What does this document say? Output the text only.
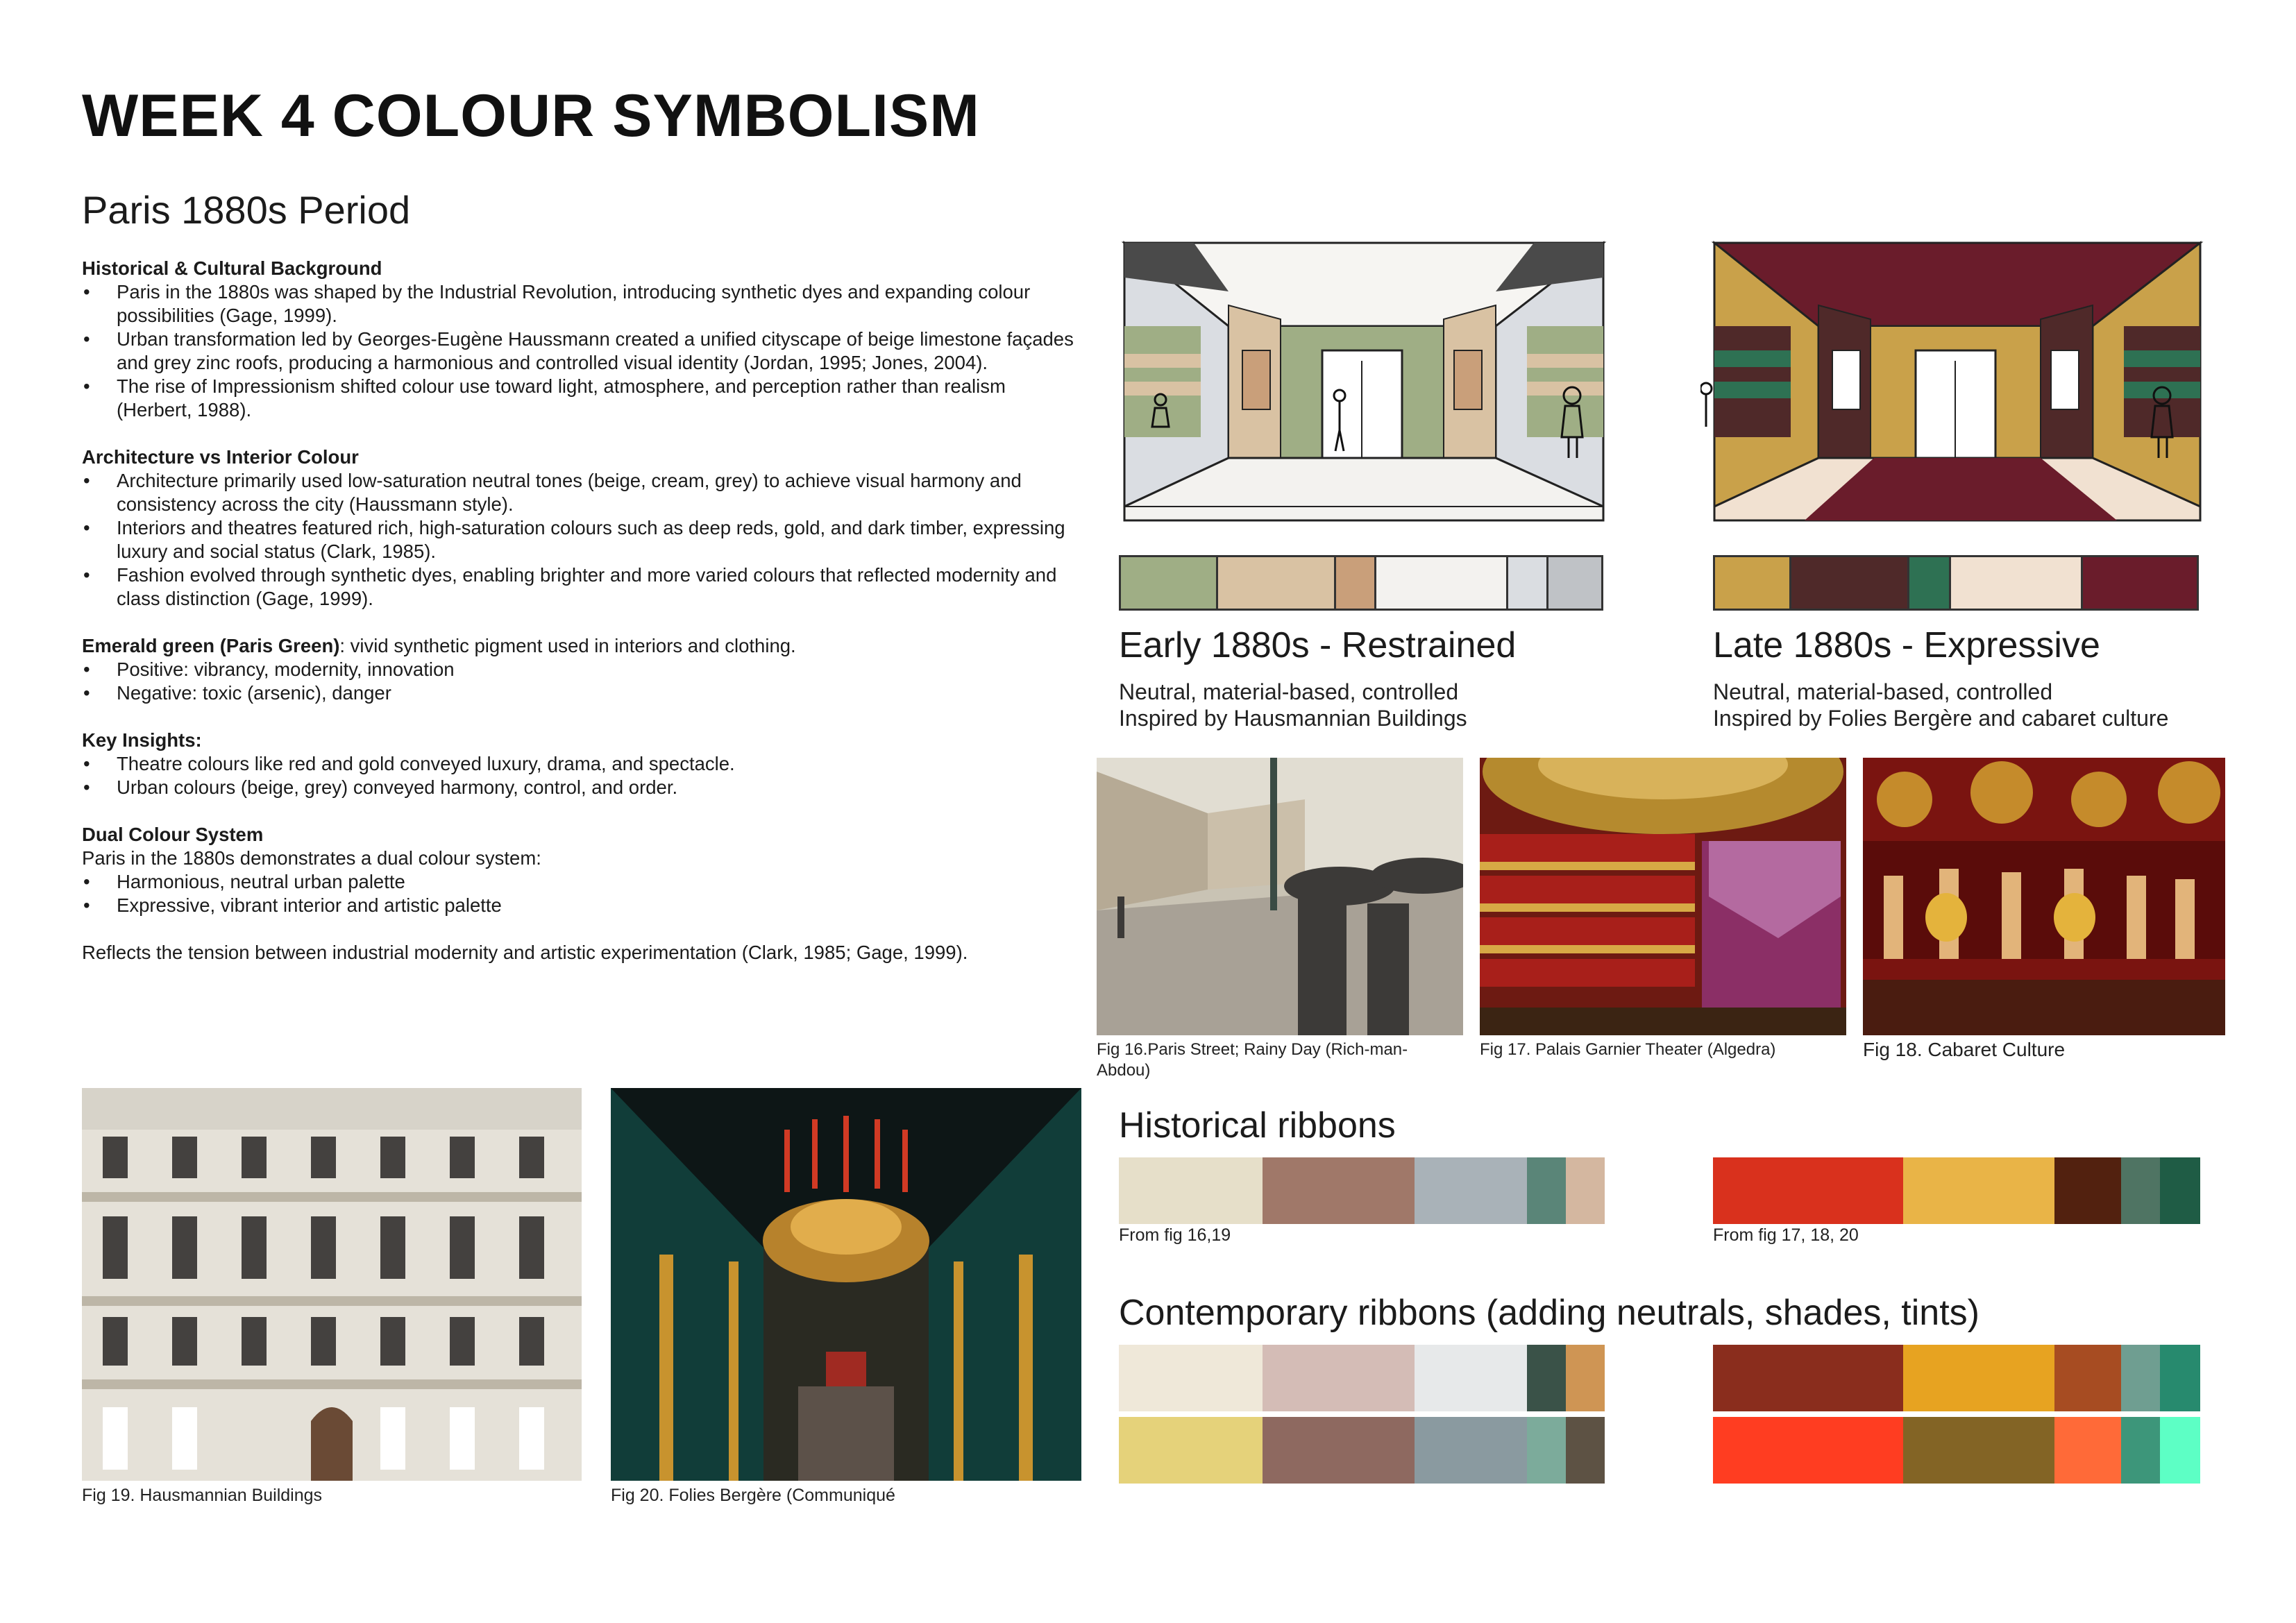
WEEK 4 COLOUR SYMBOLISM
Paris 1880s Period
Historical & Cultural Background
•	Paris in the 1880s was shaped by the Industrial Revolution, introducing synthetic dyes and expanding colour possibilities (Gage, 1999).
•	Urban transformation led by Georges-Eugène Haussmann created a unified cityscape of beige limestone façades and grey zinc roofs, producing a harmonious and controlled visual identity (Jordan, 1995; Jones, 2004).
•	The rise of Impressionism shifted colour use toward light, atmosphere, and perception rather than realism (Herbert, 1988).
Architecture vs Interior Colour
•	Architecture primarily used low-saturation neutral tones (beige, cream, grey) to achieve visual harmony and consistency across the city (Haussmann style).
•	Interiors and theatres featured rich, high-saturation colours such as deep reds, gold, and dark timber, expressing luxury and social status (Clark, 1985).
•	Fashion evolved through synthetic dyes, enabling brighter and more varied colours that reflected modernity and class distinction (Gage, 1999).

Emerald green (Paris Green): vivid synthetic pigment used in interiors and clothing.

•	Positive: vibrancy, modernity, innovation
•	Negative: toxic (arsenic), danger
Key Insights:
•	Theatre colours like red and gold conveyed luxury, drama, and spectacle.
•	Urban colours (beige, grey) conveyed harmony, control, and order.
Dual Colour System

Paris in the 1880s demonstrates a dual colour system:

•	Harmonious, neutral urban palette
•	Expressive, vibrant interior and artistic palette

Reflects the tension between industrial modernity and artistic experimentation (Clark, 1985; Gage, 1999).

Early 1880s - Restrained
Neutral, material-based, controlled
Inspired by Hausmannian Buildings
Late 1880s - Expressive
Neutral, material-based, controlled
Inspired by Folies Bergère and cabaret culture
Fig 16.Paris Street; Rainy Day (Rich-man-Abdou)
Fig 17. Palais Garnier Theater (Algedra)	Fig 18. Cabaret Culture
Fig 19. Hausmannian Buildings	Fig 20. Folies Bergère (Communiqué
Historical ribbons
From fig 16,19	From fig 17, 18, 20
Contemporary ribbons (adding neutrals, shades, tints)
